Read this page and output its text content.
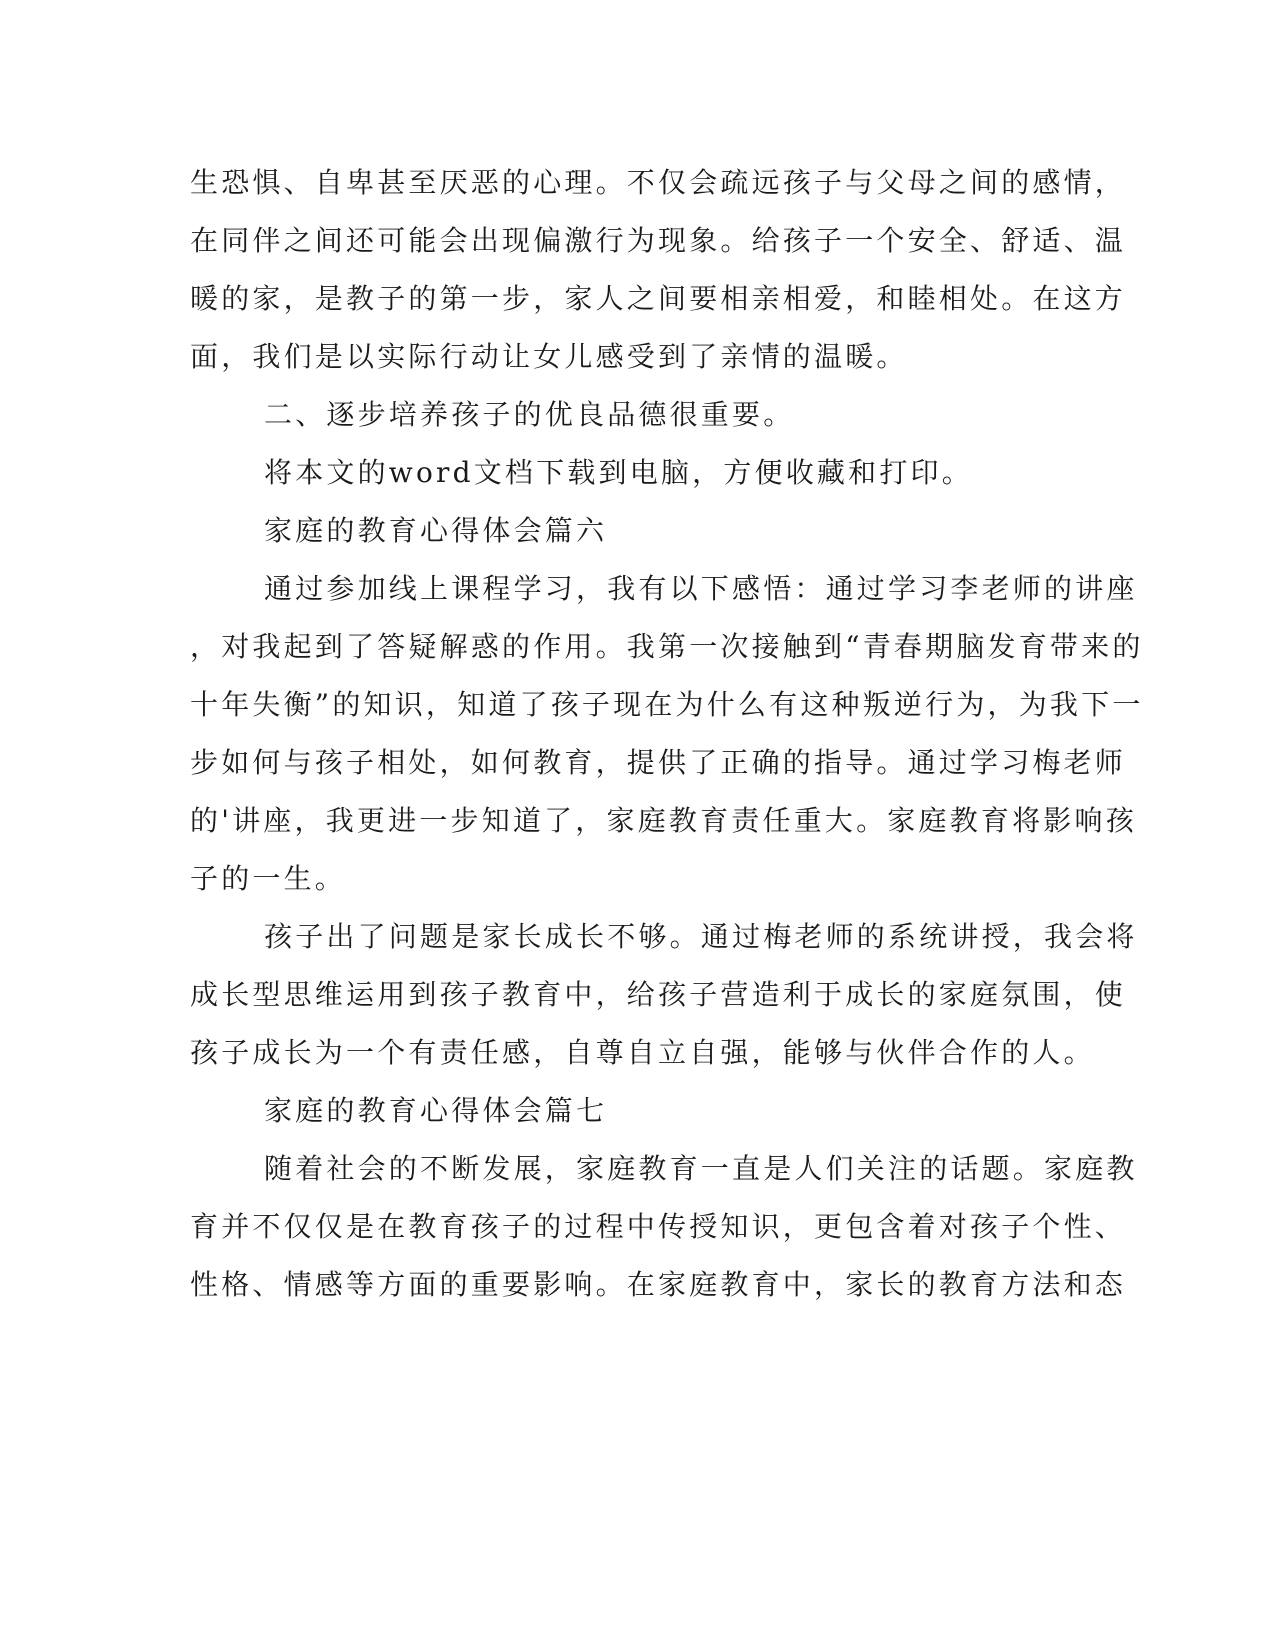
生恐惧、自卑甚至厌恶的心理。不仅会疏远孩子与父母之间的感情，
在同伴之间还可能会出现偏激行为现象。给孩子一个安全、舒适、温
暖的家，是教子的第一步，家人之间要相亲相爱，和睦相处。在这方
面，我们是以实际行动让女儿感受到了亲情的温暖。
二、逐步培养孩子的优良品德很重要。
将本文的word文档下载到电脑，方便收藏和打印。
家庭的教育心得体会篇六
通过参加线上课程学习，我有以下感悟：通过学习李老师的讲座
，对我起到了答疑解惑的作用。我第一次接触到“青春期脑发育带来的
十年失衡”的知识，知道了孩子现在为什么有这种叛逆行为，为我下一
步如何与孩子相处，如何教育，提供了正确的指导。通过学习梅老师
的'讲座，我更进一步知道了，家庭教育责任重大。家庭教育将影响孩
子的一生。
孩子出了问题是家长成长不够。通过梅老师的系统讲授，我会将
成长型思维运用到孩子教育中，给孩子营造利于成长的家庭氛围，使
孩子成长为一个有责任感，自尊自立自强，能够与伙伴合作的人。
家庭的教育心得体会篇七
随着社会的不断发展，家庭教育一直是人们关注的话题。家庭教
育并不仅仅是在教育孩子的过程中传授知识，更包含着对孩子个性、
性格、情感等方面的重要影响。在家庭教育中，家长的教育方法和态
